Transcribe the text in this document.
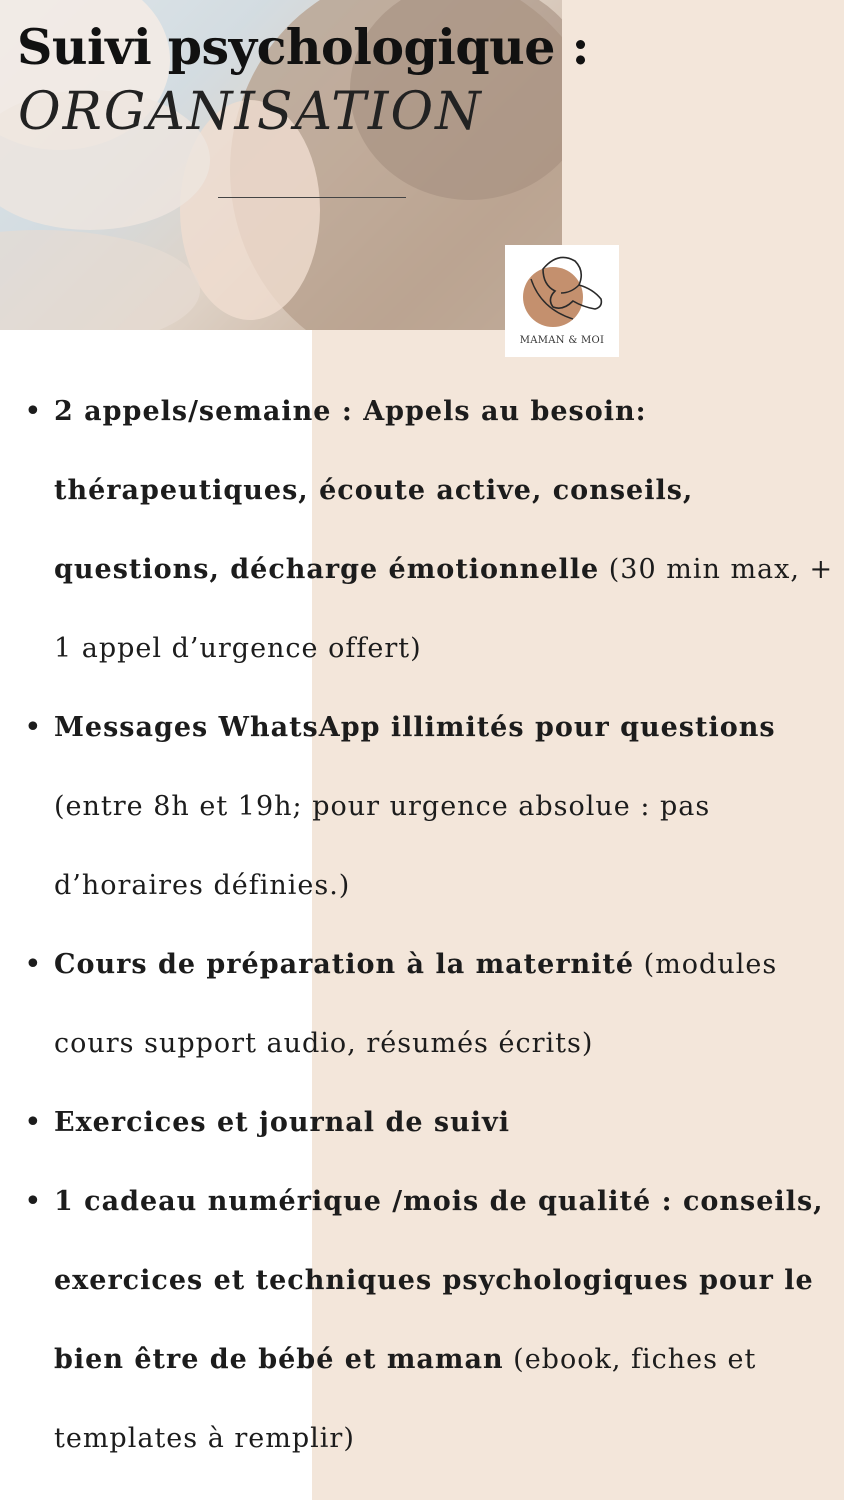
Suivi psychologique :
ORGANISATION
MAMAN & MOI
• 2 appels/semaine : Appels au besoin: thérapeutiques, écoute active, conseils, questions, décharge émotionnelle (30 min max, + 1 appel d’urgence offert)
• Messages WhatsApp illimités pour questions (entre 8h et 19h; pour urgence absolue : pas d’horaires définies.)
• Cours de préparation à la maternité (modules cours support audio, résumés écrits)
• Exercices et journal de suivi
• 1 cadeau numérique /mois de qualité : conseils, exercices et techniques psychologiques pour le bien être de bébé et maman (ebook, fiches et templates à remplir)
